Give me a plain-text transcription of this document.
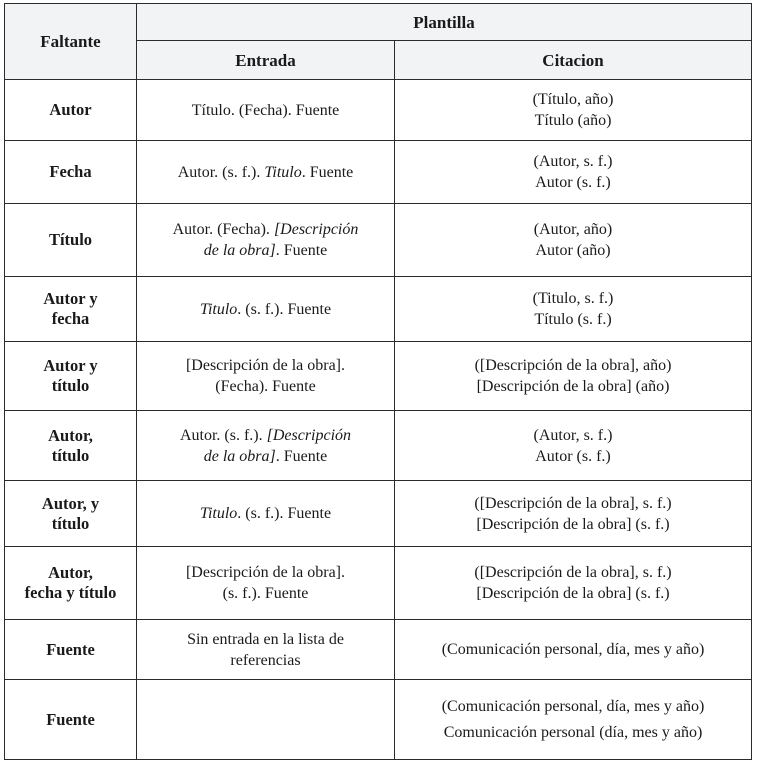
Faltante	Plantilla	
	Entrada	Citacion

Autor	Título. (Fecha). Fuente	(Título, año)
Título (año)

Fecha	Autor. (s. f.). Titulo. Fuente	(Autor, s. f.)
Autor (s. f.)

Título	Autor. (Fecha). [Descripción
de la obra]. Fuente	(Autor, año)
Autor (año)

Autor y
fecha	Titulo. (s. f.). Fuente	(Titulo, s. f.)
Título (s. f.)

Autor y
título	[Descripción de la obra].
(Fecha). Fuente	([Descripción de la obra], año)
[Descripción de la obra] (año)

Autor,
título	Autor. (s. f.). [Descripción
de la obra]. Fuente	(Autor, s. f.)
Autor (s. f.)

Autor, y
título	Titulo. (s. f.). Fuente	([Descripción de la obra], s. f.)
[Descripción de la obra] (s. f.)

Autor,
fecha y título	[Descripción de la obra].
(s. f.). Fuente	([Descripción de la obra], s. f.)
[Descripción de la obra] (s. f.)

Fuente	Sin entrada en la lista de
referencias	(Comunicación personal, día, mes y año)

Fuente		(Comunicación personal, día, mes y año)
Comunicación personal (día, mes y año)
